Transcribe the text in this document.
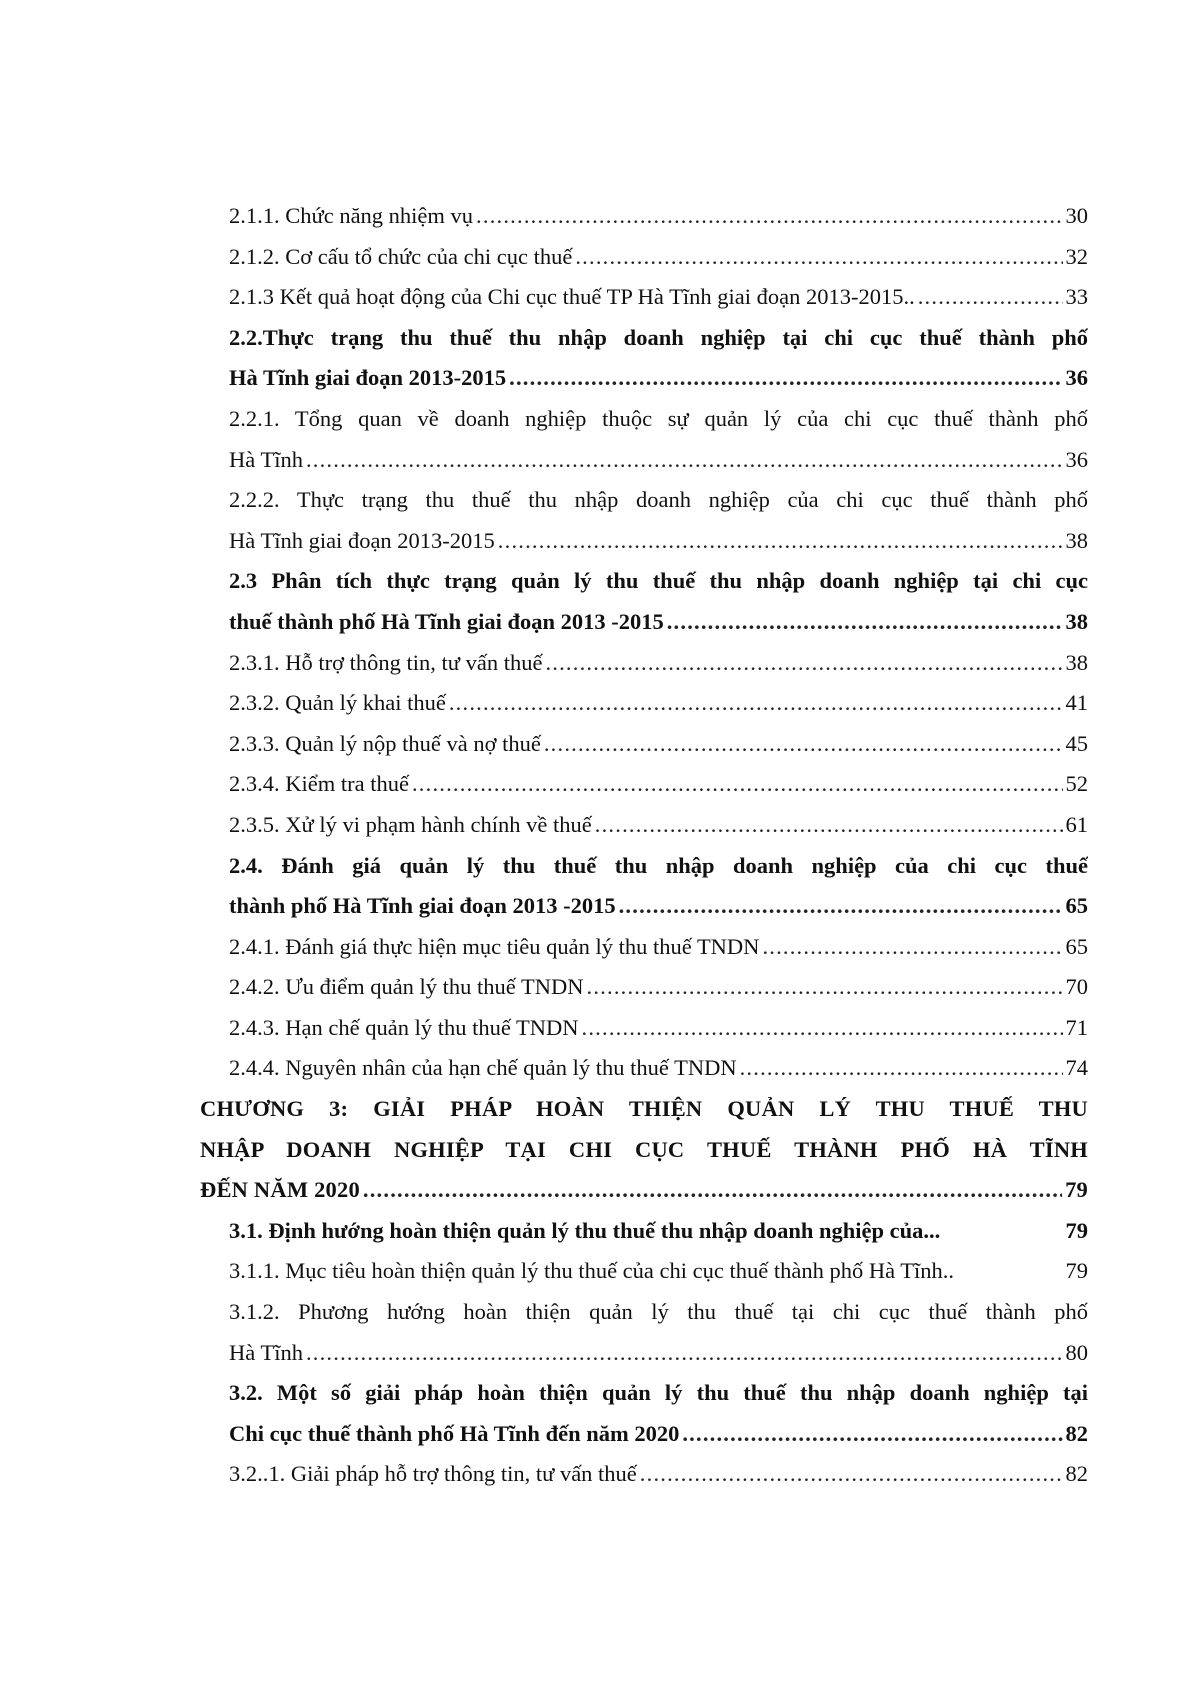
2.1.1. Chức năng nhiệm vụ .....	30
2.1.2. Cơ cấu tổ chức của chi cục thuế .....	32
2.1.3 Kết quả hoạt động của Chi cục thuế TP Hà Tĩnh giai đoạn 2013-2015.. .....	33
2.2.Thực trạng thu thuế thu nhập doanh nghiệp tại chi cục thuế thành phố
Hà Tĩnh giai đoạn 2013-2015 .....	36
2.2.1. Tổng quan về doanh nghiệp thuộc sự quản lý của chi cục thuế thành phố
Hà Tĩnh .....	36
2.2.2. Thực trạng thu thuế thu nhập doanh nghiệp của chi cục thuế thành phố
Hà Tĩnh giai đoạn 2013-2015 .....	38
2.3 Phân tích thực trạng quản lý thu thuế thu nhập doanh nghiệp tại chi cục
thuế thành phố Hà Tĩnh giai đoạn 2013 -2015 .....	38
2.3.1. Hỗ trợ thông tin, tư vấn thuế .....	38
2.3.2. Quản lý khai thuế .....	41
2.3.3. Quản lý nộp thuế và nợ thuế .....	45
2.3.4. Kiểm tra thuế .....	52
2.3.5. Xử lý vi phạm hành chính về thuế .....	61
2.4. Đánh giá quản lý thu thuế thu nhập doanh nghiệp của chi cục thuế
thành phố Hà Tĩnh giai đoạn 2013 -2015 .....	65
2.4.1. Đánh giá thực hiện mục tiêu quản lý thu thuế TNDN .....	65
2.4.2. Ưu điểm quản lý thu thuế TNDN .....	70
2.4.3. Hạn chế quản lý thu thuế TNDN .....	71
2.4.4. Nguyên nhân của hạn chế quản lý thu thuế TNDN .....	74
CHƯƠNG 3: GIẢI PHÁP HOÀN THIỆN QUẢN LÝ THU THUẾ THU
NHẬP DOANH NGHIỆP TẠI CHI CỤC THUẾ THÀNH PHỐ HÀ TĨNH
ĐẾN NĂM 2020 .....	79
3.1. Định hướng hoàn thiện quản lý thu thuế thu nhập doanh nghiệp của...	79
3.1.1. Mục tiêu hoàn thiện quản lý thu thuế của chi cục thuế thành phố Hà Tĩnh..	79
3.1.2. Phương hướng hoàn thiện quản lý thu thuế tại chi cục thuế thành phố
Hà Tĩnh .....	80
3.2. Một số giải pháp hoàn thiện quản lý thu thuế thu nhập doanh nghiệp tại
Chi cục thuế thành phố Hà Tĩnh đến năm 2020 .....	82
3.2..1. Giải pháp hỗ trợ thông tin, tư vấn thuế .....	82
